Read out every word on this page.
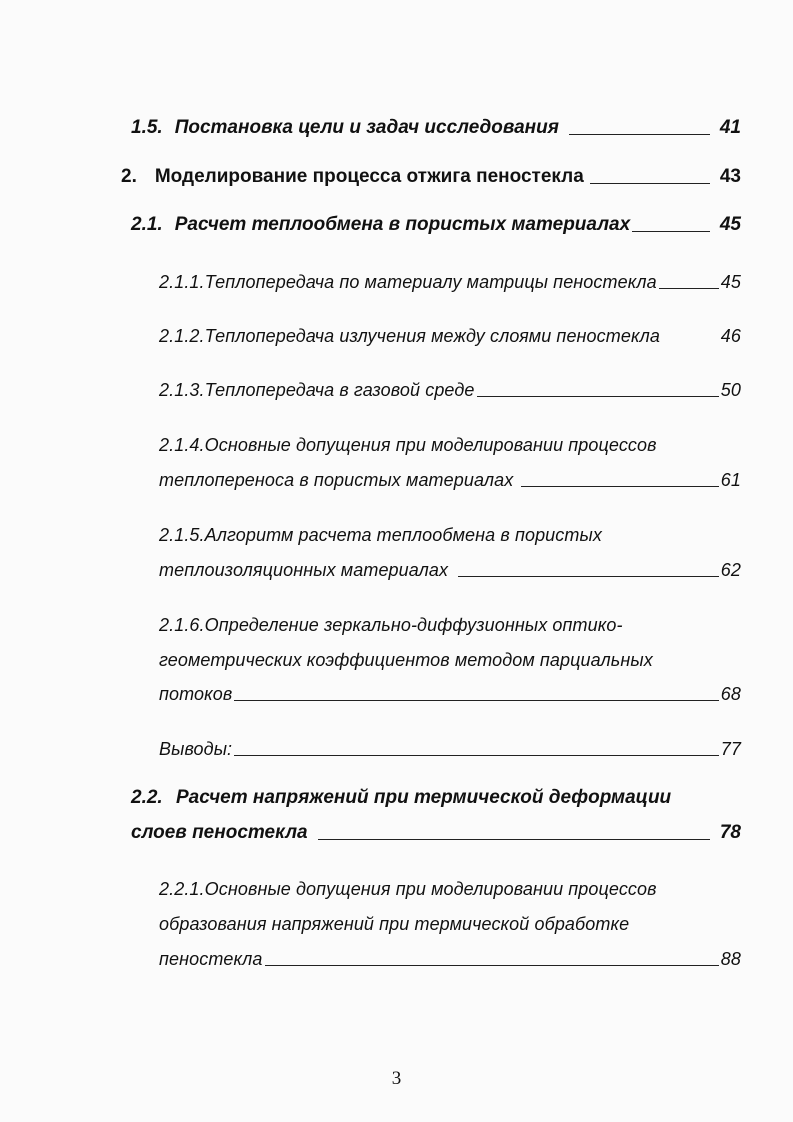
1.5. Постановка цели и задач исследования	41
2. Моделирование процесса отжига пеностекла	43
2.1. Расчет теплообмена в пористых материалах	45
2.1.1.Теплопередача по материалу матрицы пеностекла	45
2.1.2.Теплопередача излучения между слоями пеностекла	46
2.1.3.Теплопередача в газовой среде	50
2.1.4.Основные допущения при моделировании процессов
теплопереноса в пористых материалах	61
2.1.5.Алгоритм расчета теплообмена в пористых
теплоизоляционных материалах	62
2.1.6.Определение зеркально-диффузионных оптико-
геометрических коэффициентов методом парциальных
потоков	68
Выводы:	77
2.2. Расчет напряжений при термической деформации
слоев пеностекла	78
2.2.1.Основные допущения при моделировании процессов
образования напряжений при термической обработке
пеностекла	88
3
